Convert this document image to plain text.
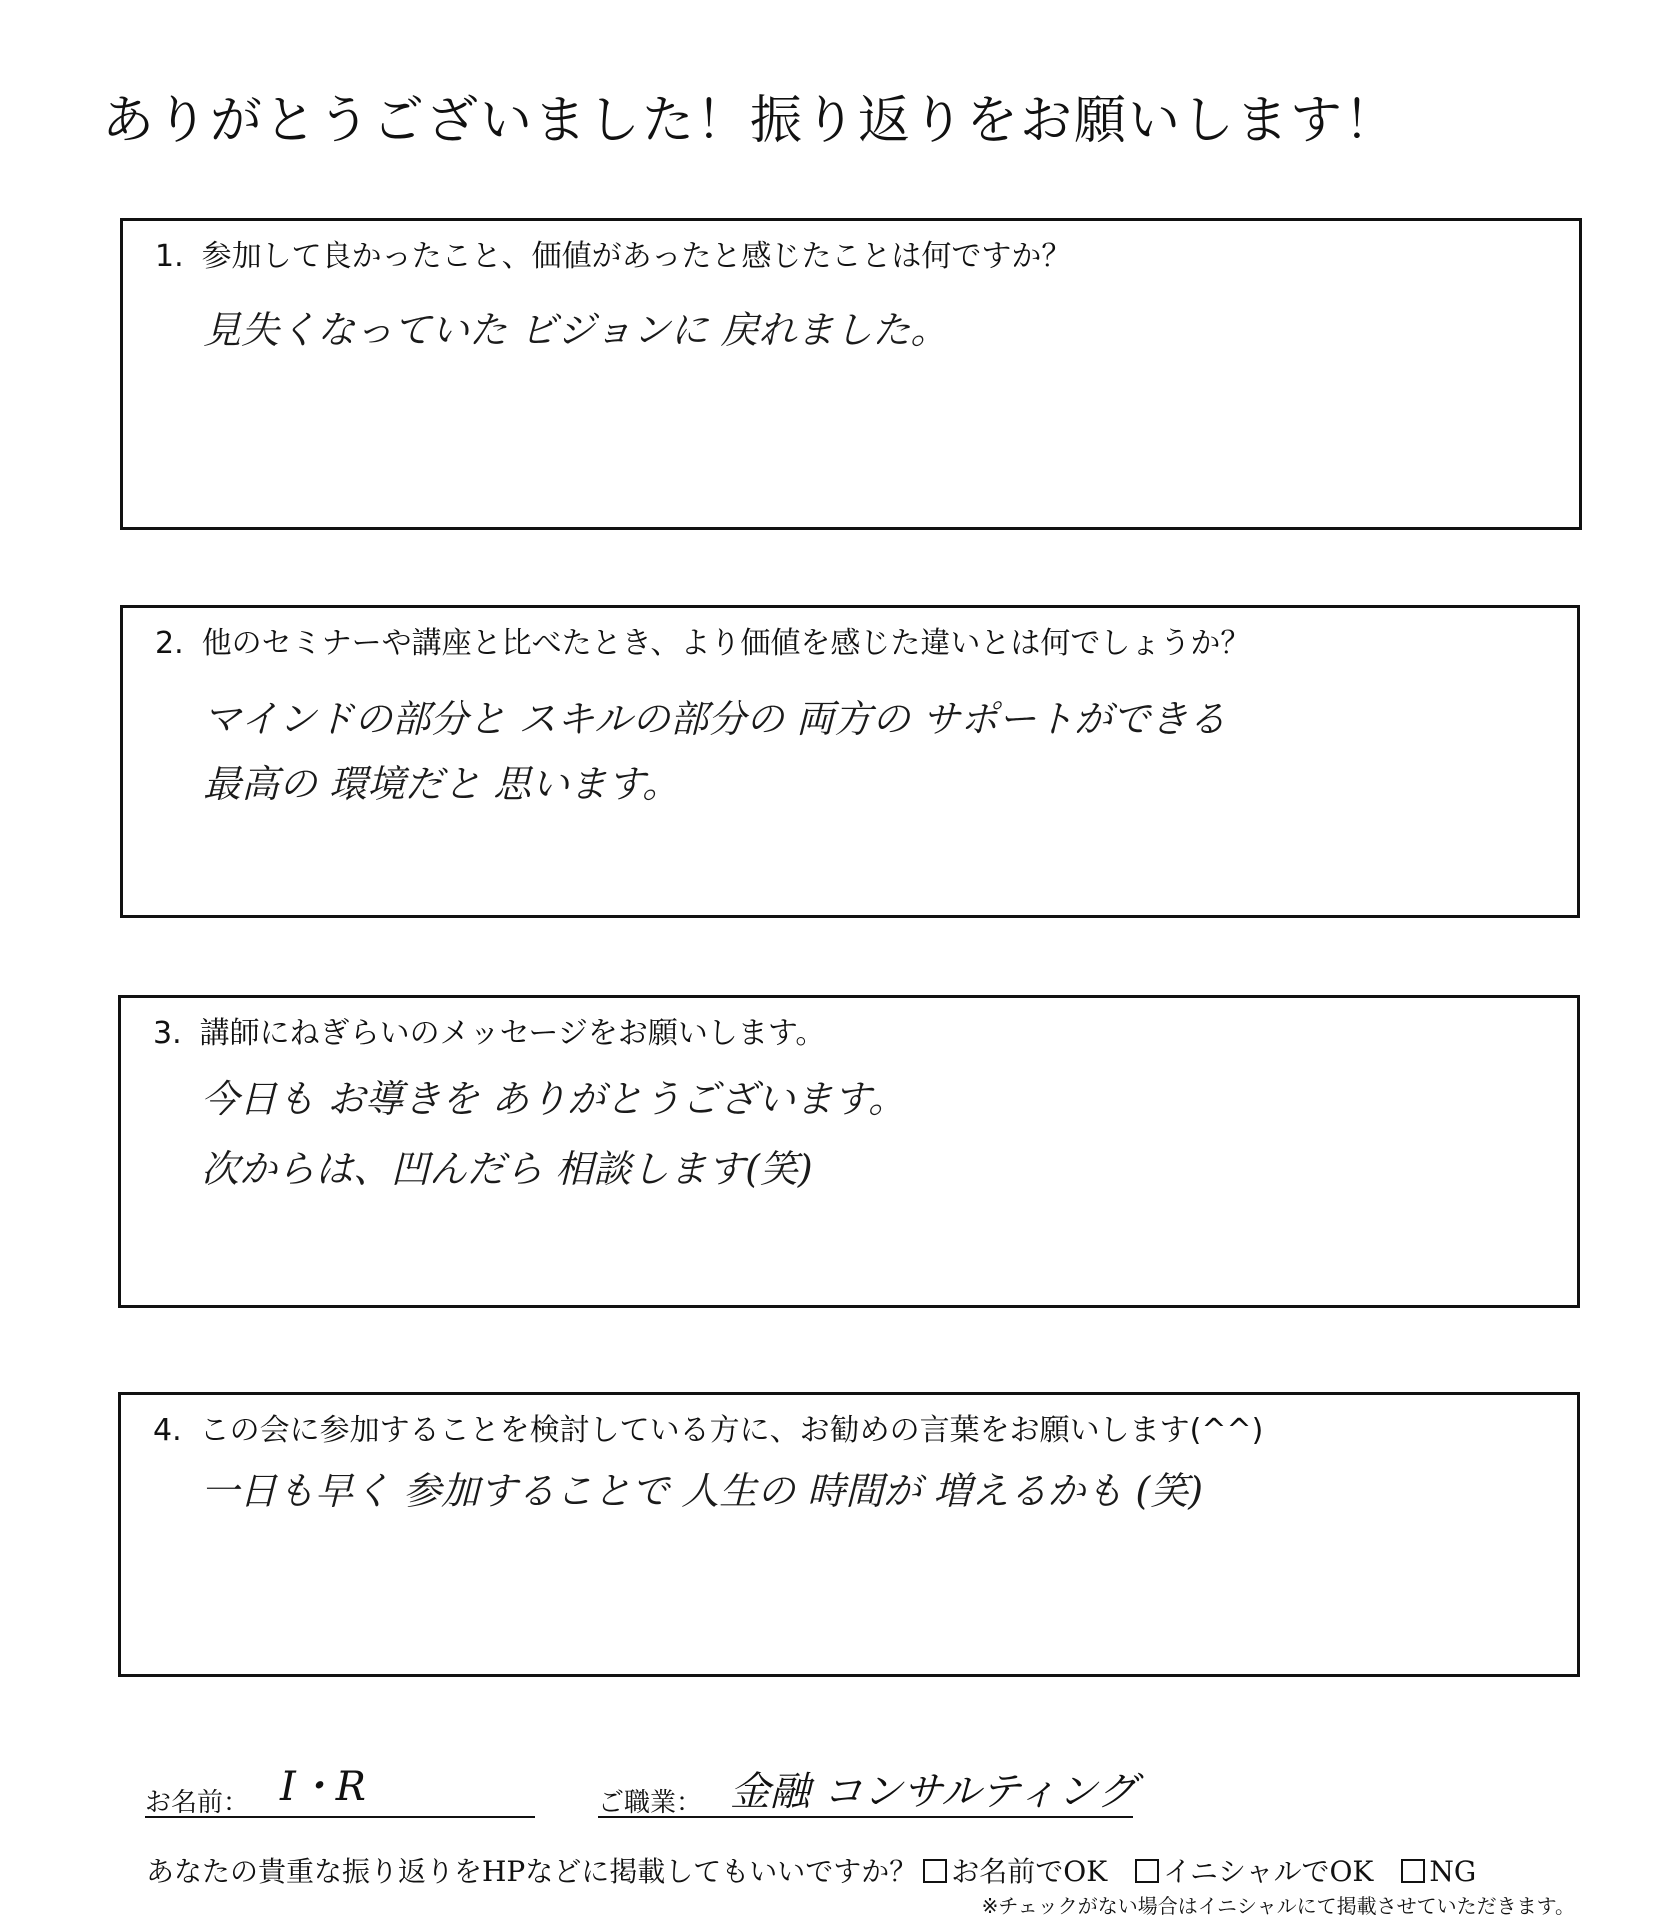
ありがとうございました！振り返りをお願いします！
1. 参加して良かったこと、価値があったと感じたことは何ですか？
見失くなっていた ビジョンに 戻れました。
2. 他のセミナーや講座と比べたとき、より価値を感じた違いとは何でしょうか？
マインドの部分と スキルの部分の 両方の サポートができる
最高の 環境だと 思います。
3. 講師にねぎらいのメッセージをお願いします。
今日も お導きを ありがとうございます。
次からは、凹んだら 相談します(笑)
4. この会に参加することを検討している方に、お勧めの言葉をお願いします(^^)
一日も早く 参加することで 人生の 時間が 増えるかも (笑)
お名前： I・R	ご職業： 金融 コンサルティング
あなたの貴重な振り返りをHPなどに掲載してもいいですか？ お名前でOK イニシャルでOK NG
※チェックがない場合はイニシャルにて掲載させていただきます。
